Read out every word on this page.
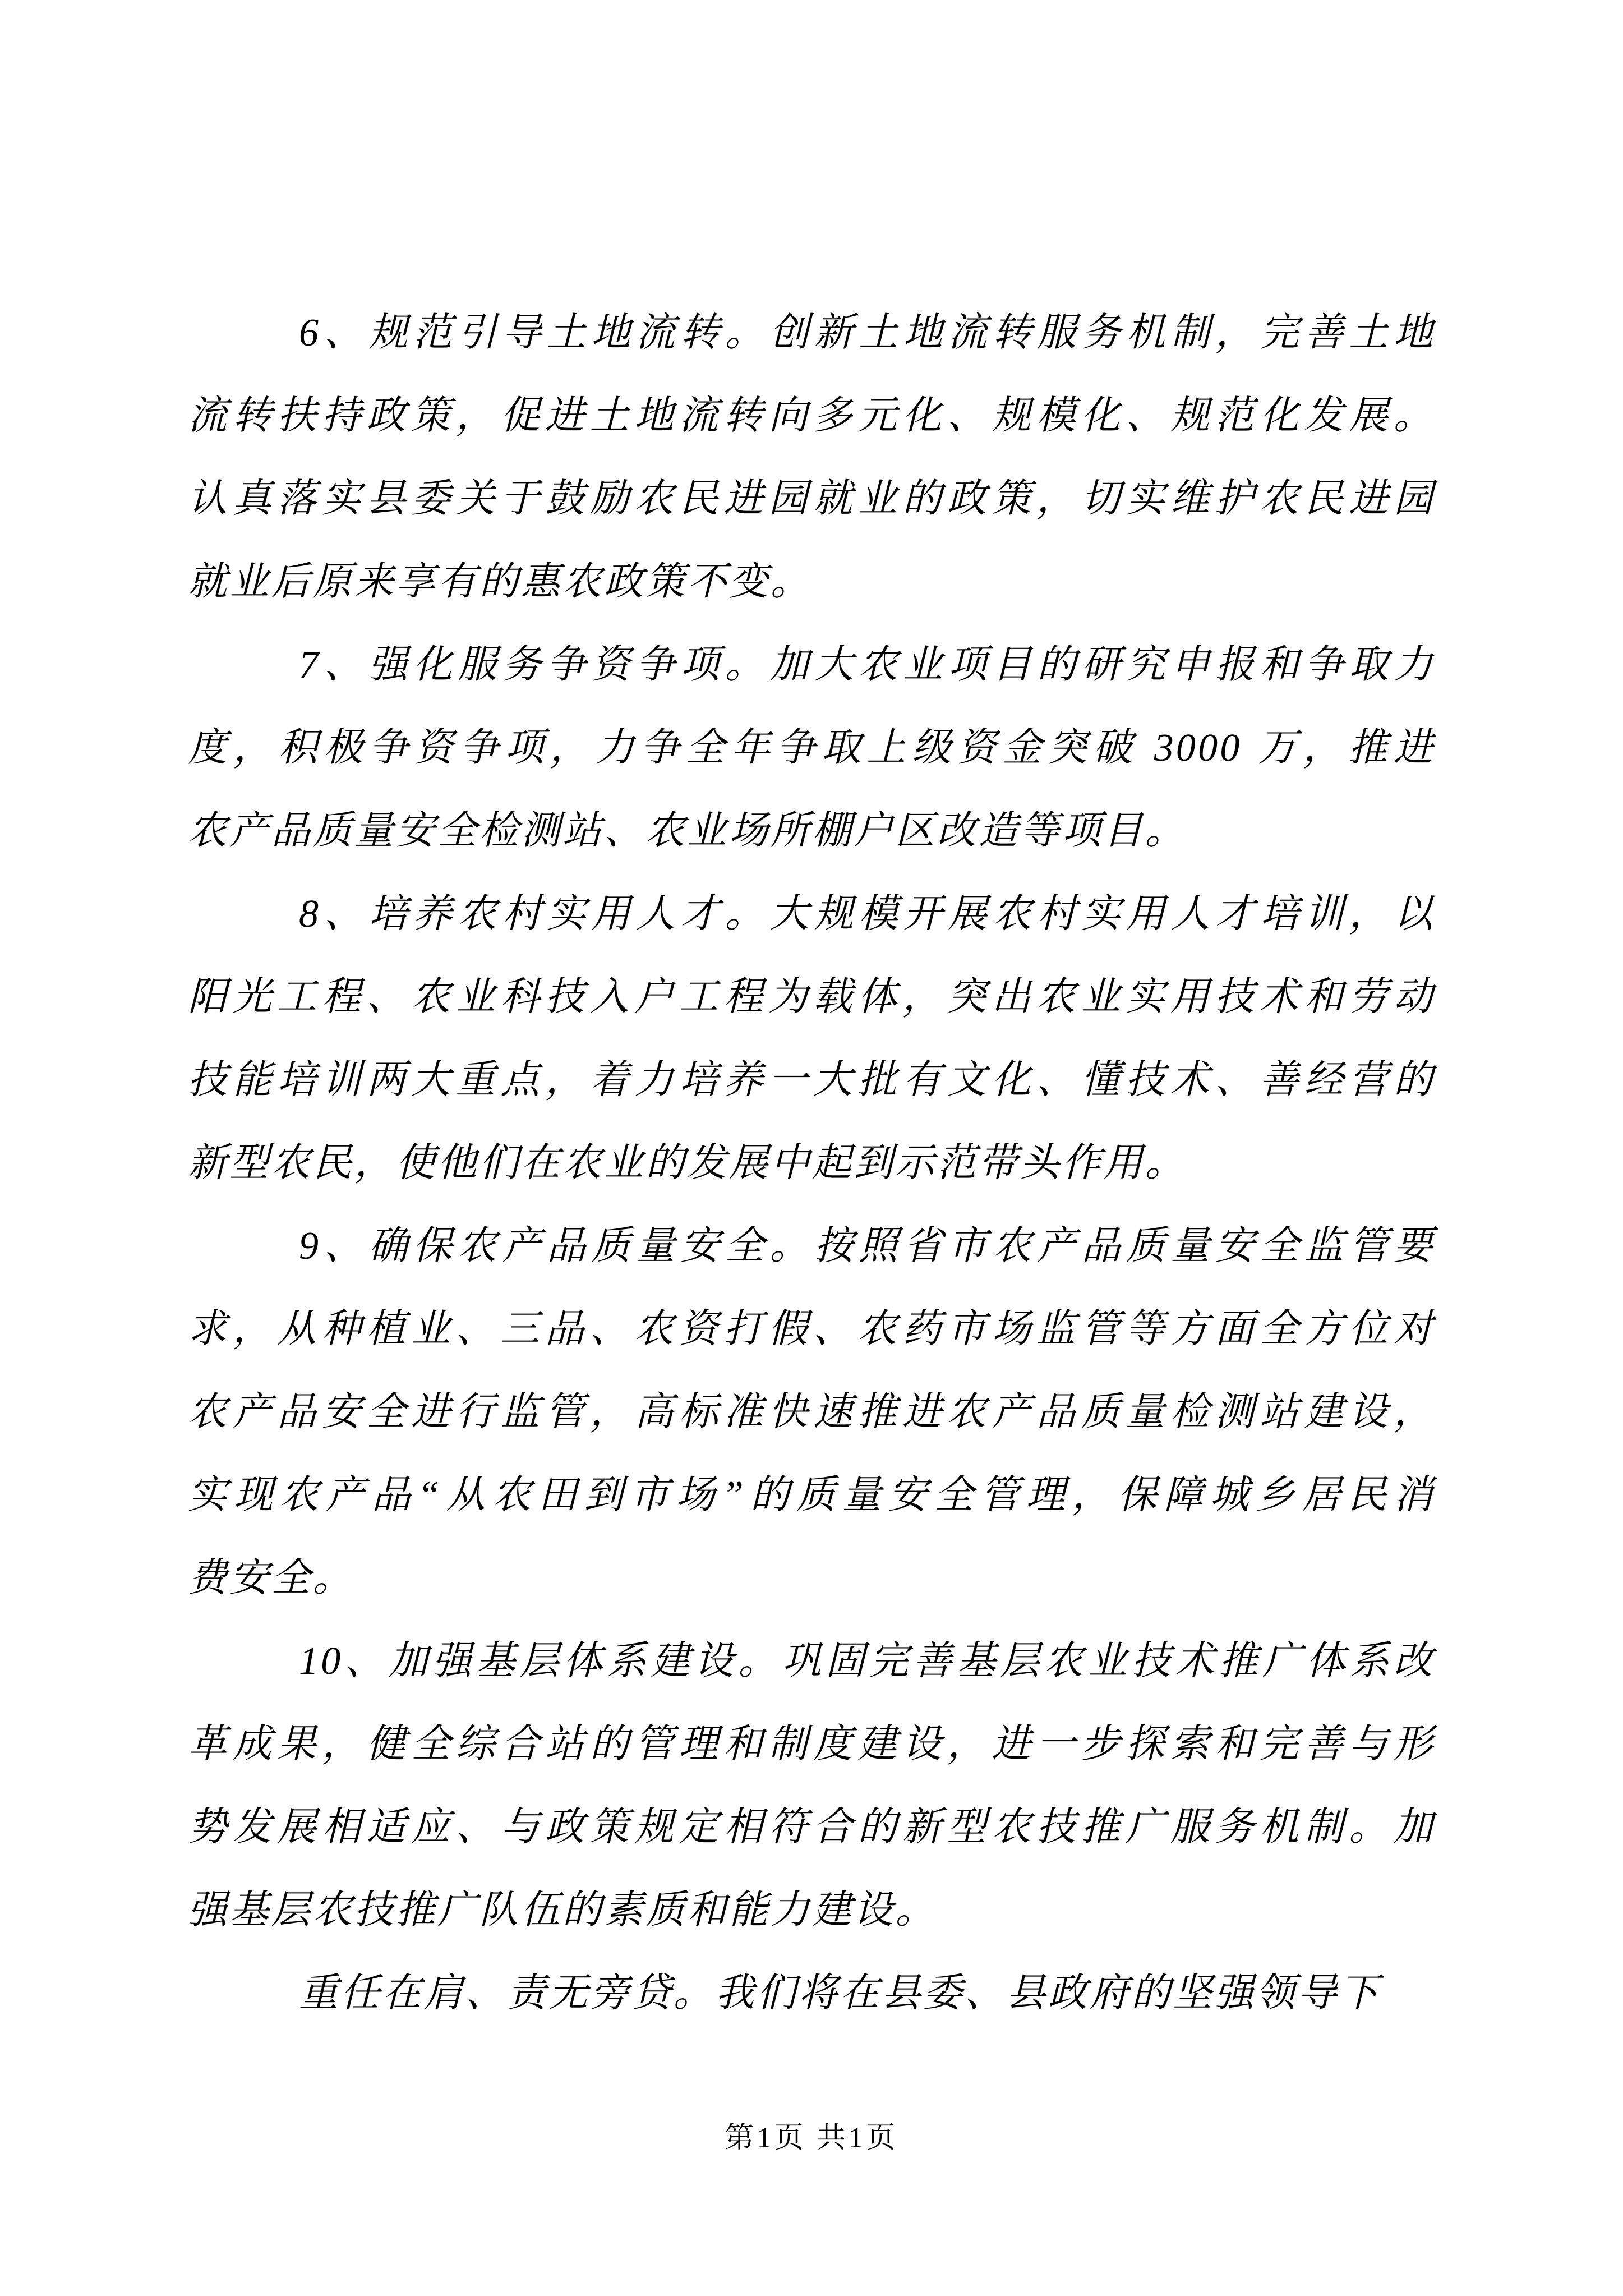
6、规范引导土地流转。创新土地流转服务机制，完善土地
流转扶持政策，促进土地流转向多元化、规模化、规范化发展。
认真落实县委关于鼓励农民进园就业的政策，切实维护农民进园
就业后原来享有的惠农政策不变。
7、强化服务争资争项。加大农业项目的研究申报和争取力
度，积极争资争项，力争全年争取上级资金突破 3000 万，推进
农产品质量安全检测站、农业场所棚户区改造等项目。
8、培养农村实用人才。大规模开展农村实用人才培训，以
阳光工程、农业科技入户工程为载体，突出农业实用技术和劳动
技能培训两大重点，着力培养一大批有文化、懂技术、善经营的
新型农民，使他们在农业的发展中起到示范带头作用。
9、确保农产品质量安全。按照省市农产品质量安全监管要
求，从种植业、三品、农资打假、农药市场监管等方面全方位对
农产品安全进行监管，高标准快速推进农产品质量检测站建设，
实现农产品“从农田到市场”的质量安全管理，保障城乡居民消
费安全。
10、加强基层体系建设。巩固完善基层农业技术推广体系改
革成果，健全综合站的管理和制度建设，进一步探索和完善与形
势发展相适应、与政策规定相符合的新型农技推广服务机制。加
强基层农技推广队伍的素质和能力建设。
重任在肩、责无旁贷。我们将在县委、县政府的坚强领导下
第1页 共1页
